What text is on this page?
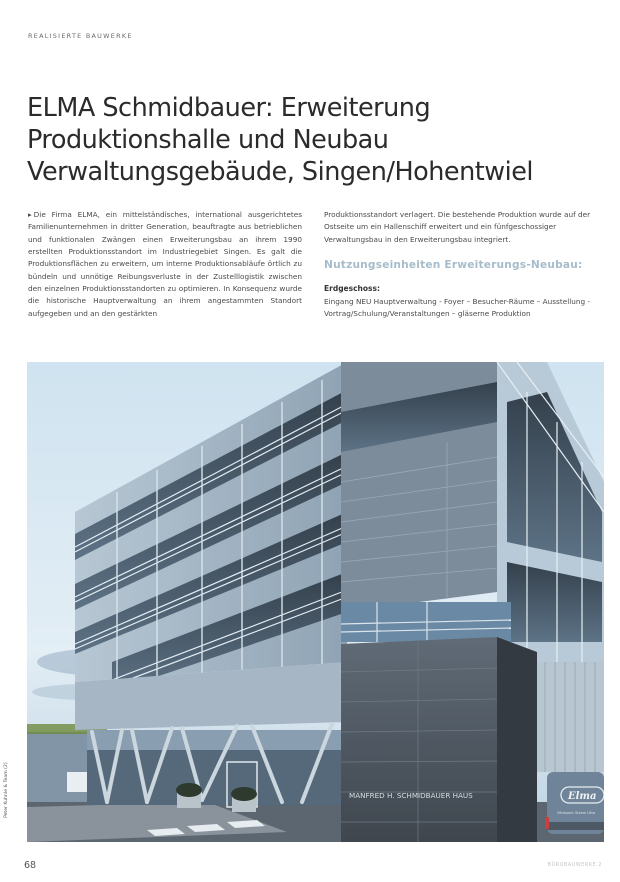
REALISIERTE BAUWERKE
ELMA Schmidbauer: Erweiterung
Produktionshalle und Neubau
Verwaltungsgebäude, Singen/Hohentwiel

▸ Die Firma ELMA, ein mittelständisches, international ausgerichtetes Familienunternehmen in dritter Generation, beauftragte aus betrieblichen und funktionalen Zwängen einen Erweiterungsbau an ihrem 1990 erstellten Produktionsstandort im Industriegebiet Singen. Es galt die Produktionsflächen zu erweitern, um interne Produktionsabläufe örtlich zu bündeln und unnötige Reibungsverluste in der Zustelllogistik zwischen den einzelnen Produktionsstandorten zu optimieren. In Konsequenz wurde die historische Hauptverwaltung an ihrem angestammten Standort aufgegeben und an den gestärkten

Produktionsstandort verlagert. Die bestehende Produktion wurde auf der Ostseite um ein Hallenschiff erweitert und ein fünfgeschossiger Verwaltungsbau in den Erweiterungsbau integriert.

Nutzungseinheiten Erweiterungs-Neubau:
Erdgeschoss:

Eingang NEU Hauptverwaltung - Foyer – Besucher-Räume – Ausstellung - Vortrag/Schulung/Veranstaltungen – gläserne Produktion

MANFRED H. SCHMIDBAUER HAUS	Elma
Ultrasonic Steam Ultra
Peter Kuhnle & Team (2)
68	BÜROBAUWERKE 2
